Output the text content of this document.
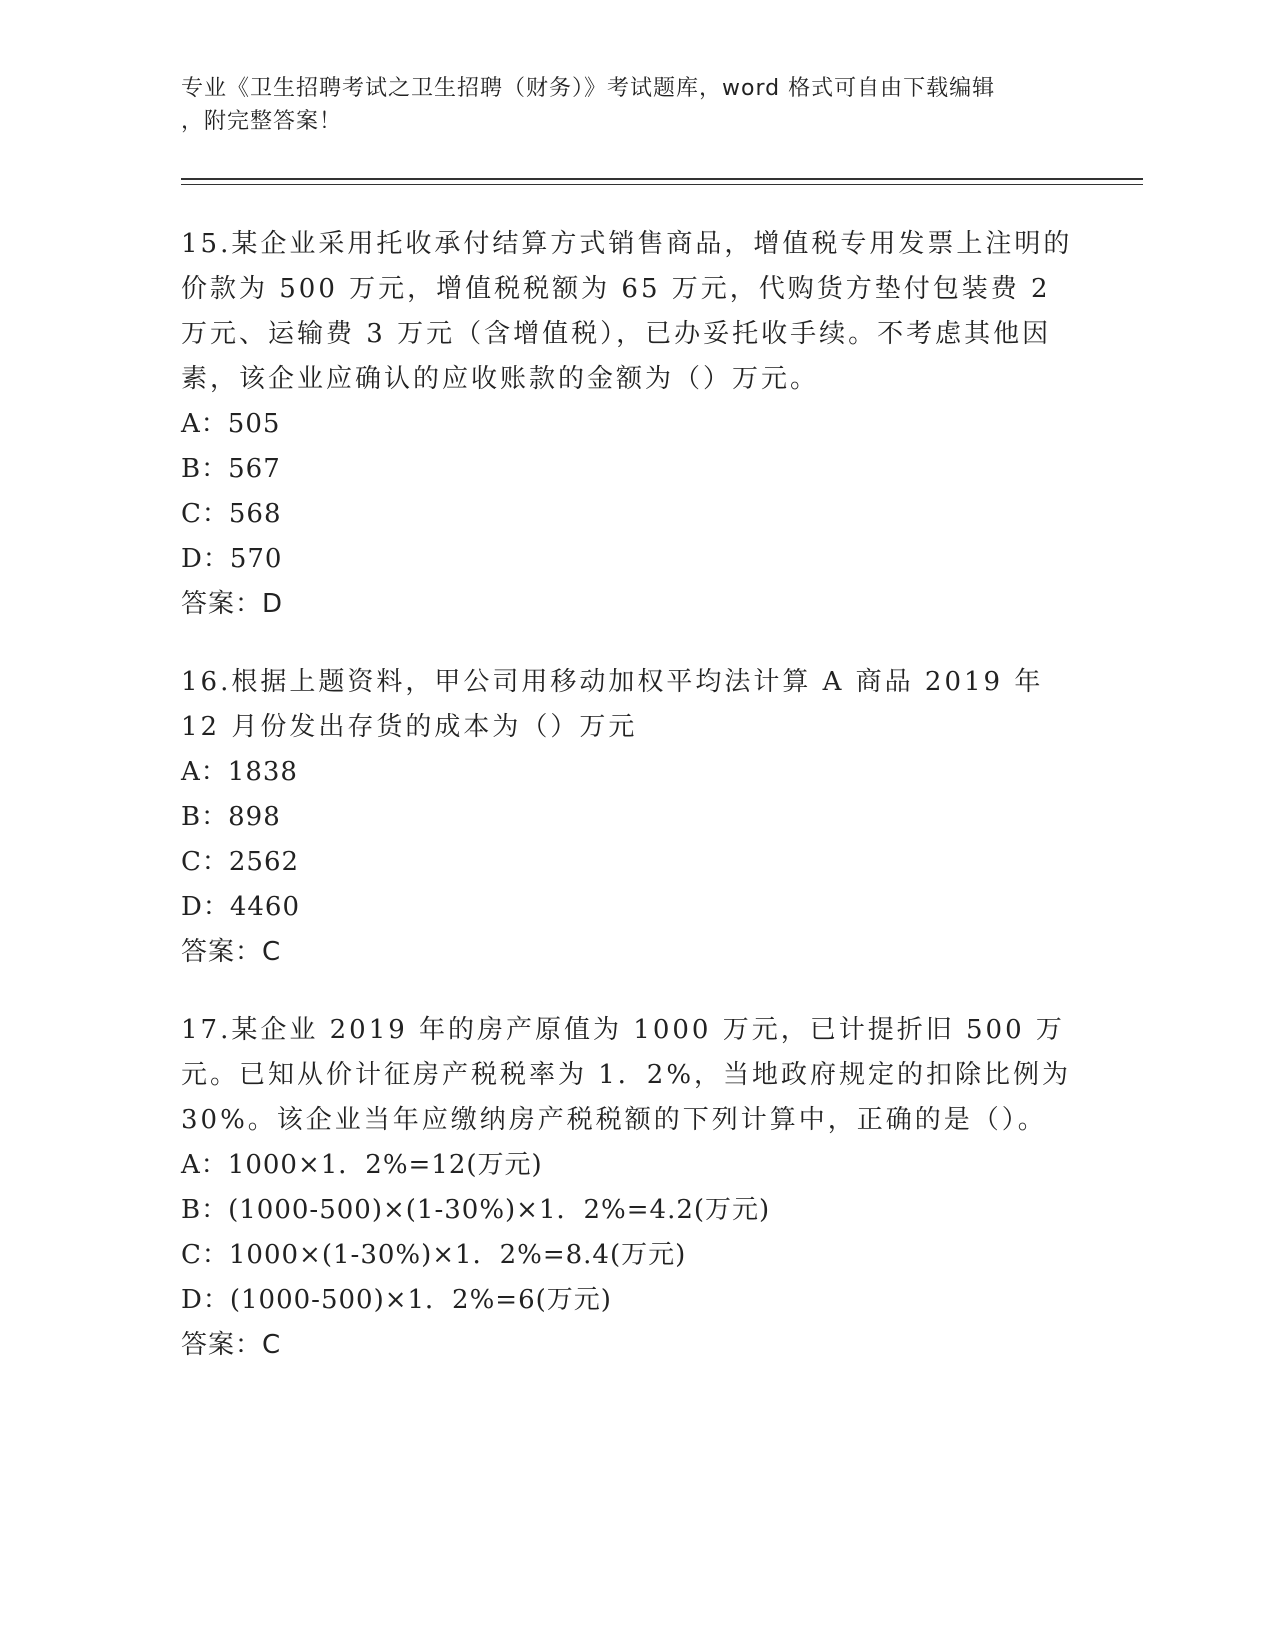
专业《卫生招聘考试之卫生招聘（财务）》考试题库，word 格式可自由下载编辑
，附完整答案！

15.某企业采用托收承付结算方式销售商品，增值税专用发票上注明的价款为 500 万元，增值税税额为 65 万元，代购货方垫付包装费 2 万元、运输费 3 万元（含增值税），已办妥托收手续。不考虑其他因素，该企业应确认的应收账款的金额为（）万元。

A：505

B：567

C：568

D：570

答案：D

16.根据上题资料，甲公司用移动加权平均法计算 A 商品 2019 年 12 月份发出存货的成本为（）万元

A：1838

B：898

C：2562

D：4460

答案：C

17.某企业 2019 年的房产原值为 1000 万元，已计提折旧 500 万元。已知从价计征房产税税率为 1．2%，当地政府规定的扣除比例为 30%。该企业当年应缴纳房产税税额的下列计算中，正确的是（）。

A：1000×1．2%=12(万元)

B：(1000-500)×(1-30%)×1．2%=4.2(万元)

C：1000×(1-30%)×1．2%=8.4(万元)

D：(1000-500)×1．2%=6(万元)

答案：C
